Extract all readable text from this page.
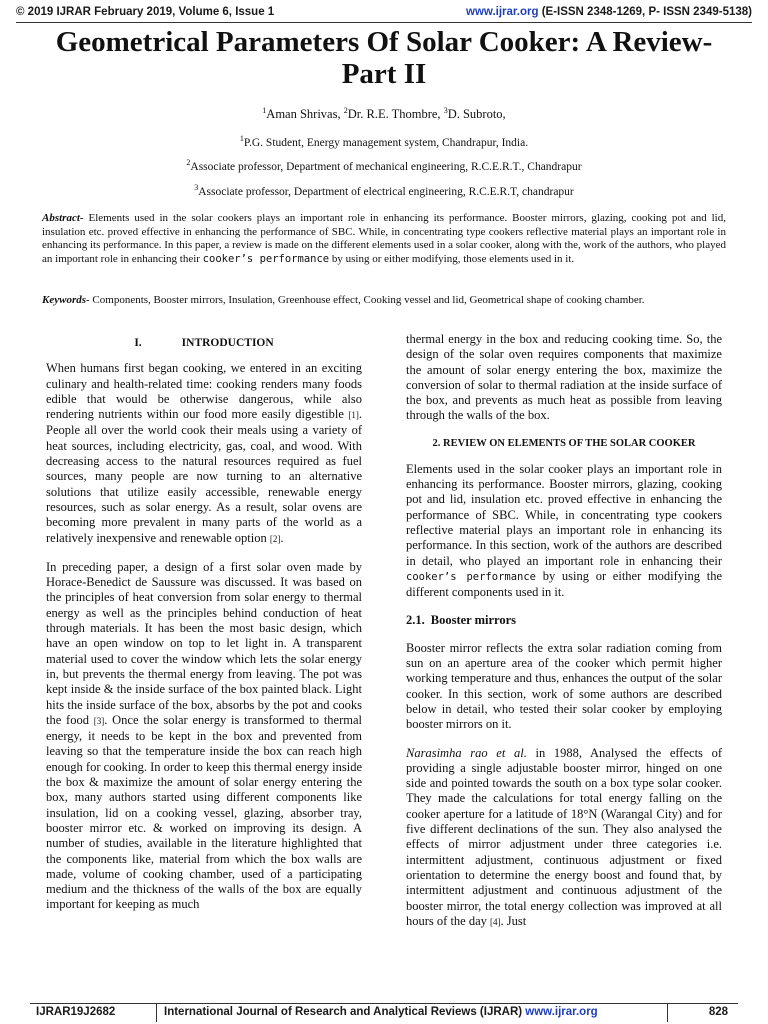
© 2019 IJRAR February 2019, Volume 6, Issue 1	www.ijrar.org (E-ISSN 2348-1269, P- ISSN 2349-5138)
Geometrical Parameters Of Solar Cooker: A Review- Part II
$^1$Aman Shrivas, $^2$Dr. R.E. Thombre, $^3$D. Subroto,
$^1$P.G. Student, Energy management system, Chandrapur, India.
$^2$Associate professor, Department of mechanical engineering, R.C.E.R.T., Chandrapur
$^3$Associate professor, Department of electrical engineering, R.C.E.R.T, chandrapur

Abstract- Elements used in the solar cookers plays an important role in enhancing its performance. Booster mirrors, glazing, cooking pot and lid, insulation etc. proved effective in enhancing the performance of SBC. While, in concentrating type cookers reflective material plays an important role in enhancing its performance. In this paper, a review is made on the different elements used in a solar cooker, along with the, work of the authors, who played an important role in enhancing their cooker’s performance by using or either modifying, those elements used in it.

Keywords- Components, Booster mirrors, Insulation, Greenhouse effect, Cooking vessel and lid, Geometrical shape of cooking chamber.

I.	INTRODUCTION

When humans first began cooking, we entered in an exciting culinary and health-related time: cooking renders many foods edible that would be otherwise dangerous, while also rendering nutrients within our food more easily digestible [1]. People all over the world cook their meals using a variety of heat sources, including electricity, gas, coal, and wood. With decreasing access to the natural resources required as fuel sources, many people are now turning to an alternative solutions that utilize easily accessible, renewable energy resources, such as solar energy. As a result, solar ovens are becoming more prevalent in many parts of the world as a relatively inexpensive and renewable option [2].

In preceding paper, a design of a first solar oven made by Horace-Benedict de Saussure was discussed. It was based on the principles of heat conversion from solar energy to thermal energy as well as the principles behind conduction of heat through materials. It has been the most basic design, which have an open window on top to let light in. A transparent material used to cover the window which lets the solar energy in, but prevents the thermal energy from leaving. The pot was kept inside & the inside surface of the box painted black. Light hits the inside surface of the box, absorbs by the pot and cooks the food [3]. Once the solar energy is transformed to thermal energy, it needs to be kept in the box and prevented from leaving so that the temperature inside the box can reach high enough for cooking. In order to keep this thermal energy inside the box & maximize the amount of solar energy entering the box, many authors started using different components like insulation, lid on a cooking vessel, glazing, absorber tray, booster mirror etc. & worked on improving its design. A number of studies, available in the literature highlighted that the components like, material from which the box walls are made, volume of cooking chamber, used of a participating medium and the thickness of the walls of the box are equally important for keeping as much

thermal energy in the box and reducing cooking time. So, the design of the solar oven requires components that maximize the amount of solar energy entering the box, maximize the conversion of solar to thermal radiation at the inside surface of the box, and prevents as much heat as possible from leaving through the walls of the box.

2. REVIEW ON ELEMENTS OF THE SOLAR COOKER

Elements used in the solar cooker plays an important role in enhancing its performance. Booster mirrors, glazing, cooking pot and lid, insulation etc. proved effective in enhancing the performance of SBC. While, in concentrating type cookers reflective material plays an important role in enhancing its performance. In this section, work of the authors are described in detail, who played an important role in enhancing their cooker’s performance by using or either modifying the different components used in it.

2.1. Booster mirrors

Booster mirror reflects the extra solar radiation coming from sun on an aperture area of the cooker which permit higher working temperature and thus, enhances the output of the solar cooker. In this section, work of some authors are described below in detail, who tested their solar cooker by employing booster mirrors on it.

Narasimha rao et al. in 1988, Analysed the effects of providing a single adjustable booster mirror, hinged on one side and pointed towards the south on a box type solar cooker. They made the calculations for total energy falling on the cooker aperture for a latitude of 18°N (Warangal City) and for five different declinations of the sun. They also analysed the effects of mirror adjustment under three categories i.e. intermittent adjustment, continuous adjustment or fixed orientation to determine the energy boost and found that, by intermittent adjustment and continuous adjustment of the booster mirror, the total energy collection was improved at all hours of the day [4]. Just

IJRAR19J2682	International Journal of Research and Analytical Reviews (IJRAR) www.ijrar.org	828
